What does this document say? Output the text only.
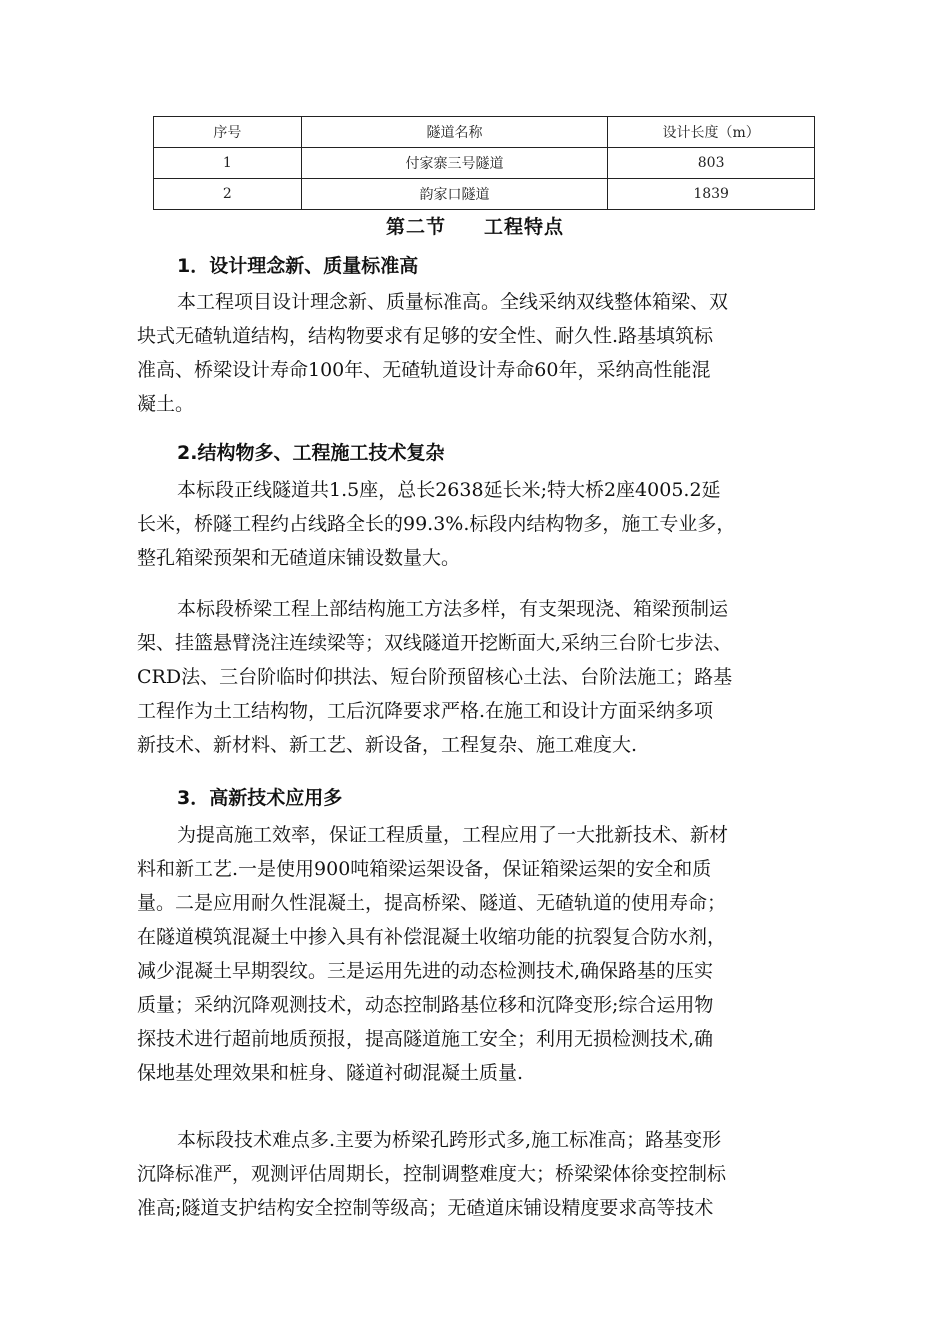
序号	隧道名称	设计长度（m）
1	付家寨三号隧道	803
2	韵家口隧道	1839
第二节 工程特点
1．设计理念新、质量标准高
本工程项目设计理念新、质量标准高。全线采纳双线整体箱梁、双
块式无碴轨道结构，结构物要求有足够的安全性、耐久性.路基填筑标
准高、桥梁设计寿命100年、无碴轨道设计寿命60年，采纳高性能混
凝土。
2.结构物多、工程施工技术复杂
本标段正线隧道共1.5座，总长2638延长米;特大桥2座4005.2延
长米，桥隧工程约占线路全长的99.3%.标段内结构物多，施工专业多，
整孔箱梁预架和无碴道床铺设数量大。
本标段桥梁工程上部结构施工方法多样，有支架现浇、箱梁预制运
架、挂篮悬臂浇注连续梁等；双线隧道开挖断面大,采纳三台阶七步法、
CRD法、三台阶临时仰拱法、短台阶预留核心土法、台阶法施工；路基
工程作为土工结构物，工后沉降要求严格.在施工和设计方面采纳多项
新技术、新材料、新工艺、新设备，工程复杂、施工难度大.
3．高新技术应用多
为提高施工效率，保证工程质量，工程应用了一大批新技术、新材
料和新工艺.一是使用900吨箱梁运架设备，保证箱梁运架的安全和质
量。二是应用耐久性混凝土，提高桥梁、隧道、无碴轨道的使用寿命；
在隧道模筑混凝土中掺入具有补偿混凝土收缩功能的抗裂复合防水剂，
减少混凝土早期裂纹。三是运用先进的动态检测技术,确保路基的压实
质量；采纳沉降观测技术，动态控制路基位移和沉降变形;综合运用物
探技术进行超前地质预报，提高隧道施工安全；利用无损检测技术,确
保地基处理效果和桩身、隧道衬砌混凝土质量.
本标段技术难点多.主要为桥梁孔跨形式多,施工标准高；路基变形
沉降标准严，观测评估周期长，控制调整难度大；桥梁梁体徐变控制标
准高;隧道支护结构安全控制等级高；无碴道床铺设精度要求高等技术
